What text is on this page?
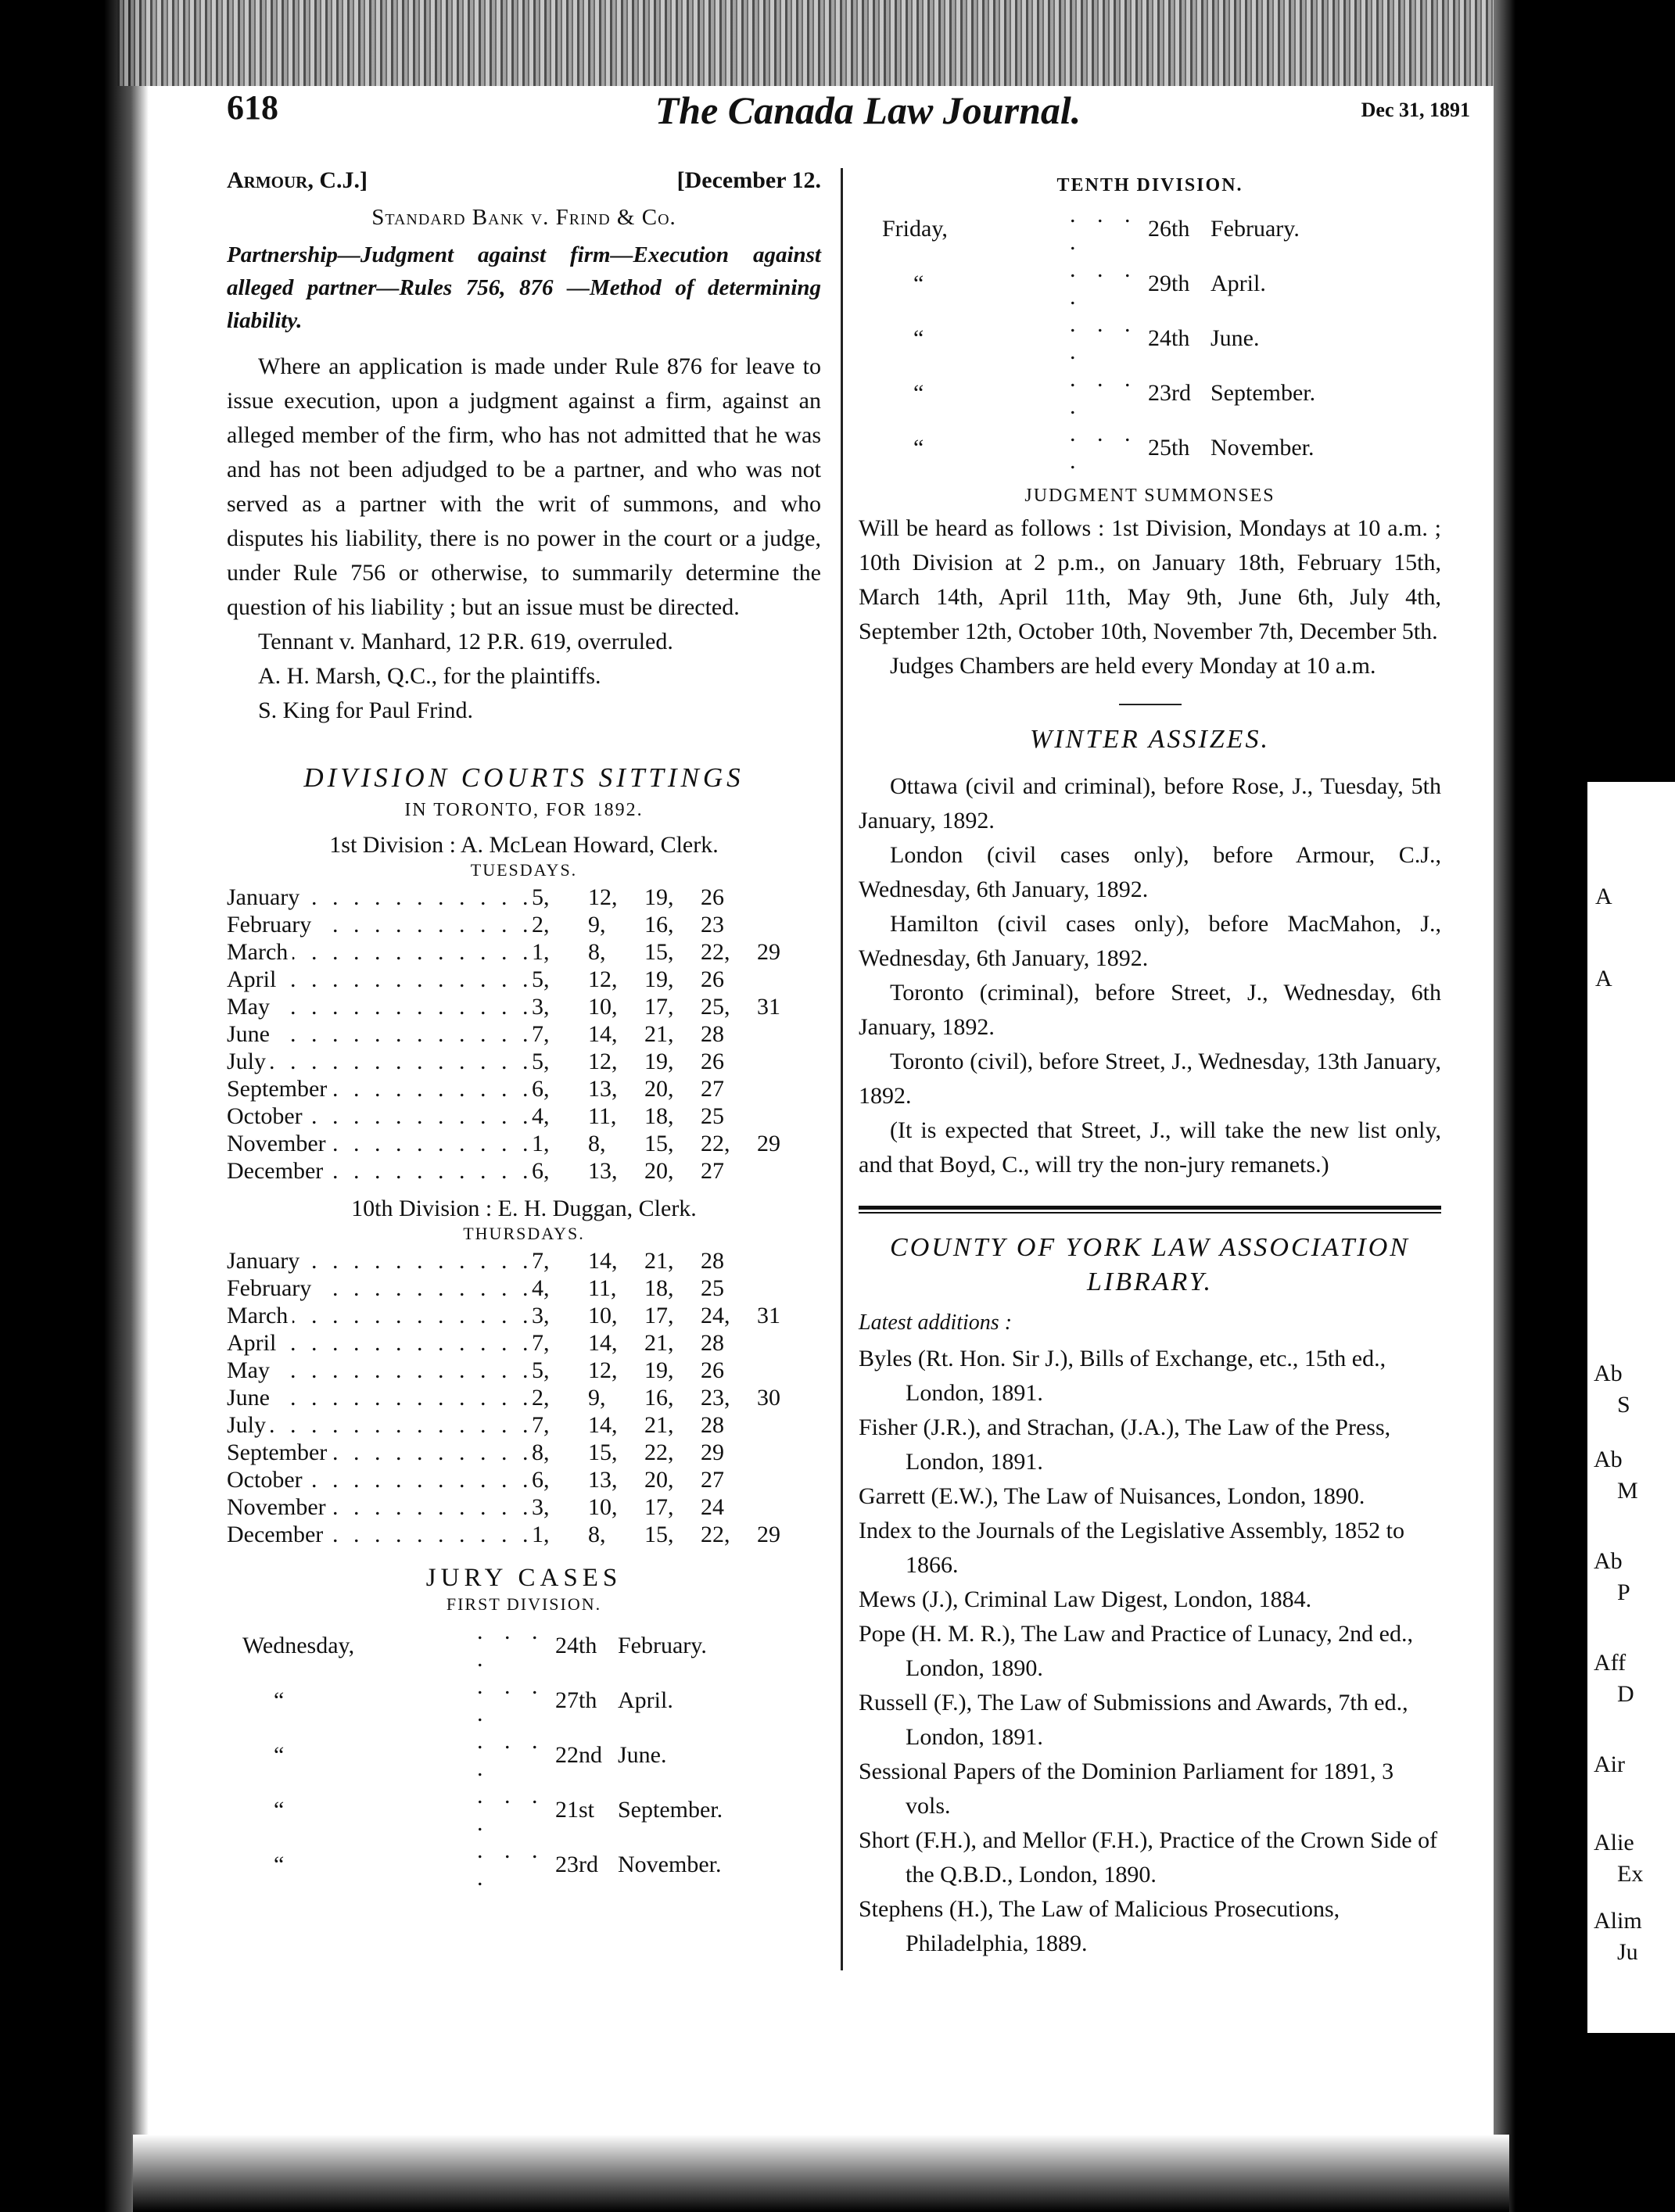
A
A
Ab
S
Ab
M
Ab
P
Aff
D
Air
Alie
Ex
Alim
Ju
618	The Canada Law Journal.	Dec 31, 1891
Armour, C.J.]	[December 12.

Standard Bank v. Frind & Co.

Partnership—Judgment against firm—Execution against alleged partner—Rules 756, 876 —Method of determining liability.

Where an application is made under Rule 876 for leave to issue execution, upon a judgment against a firm, against an alleged member of the firm, who has not admitted that he was and has not been adjudged to be a partner, and who was not served as a partner with the writ of summons, and who disputes his liability, there is no power in the court or a judge, under Rule 756 or otherwise, to summarily determine the question of his liability ; but an issue must be directed.

Tennant v. Manhard, 12 P.R. 619, overruled.

A. H. Marsh, Q.C., for the plaintiffs.

S. King for Paul Frind.

DIVISION COURTS SITTINGS

IN TORONTO, FOR 1892.

1st Division : A. McLean Howard, Clerk.

TUESDAYS.

January . . .	5,	12,	19,	26	
February . . .	2,	9,	16,	23	
March . . .	1,	8,	15,	22,	29
April . . .	5,	12,	19,	26	
May . . .	3,	10,	17,	25,	31
June . . .	7,	14,	21,	28	
July . . .	5,	12,	19,	26	
September . . .	6,	13,	20,	27	
October . . .	4,	11,	18,	25	
November . . .	1,	8,	15,	22,	29
December . . .	6,	13,	20,	27	

10th Division : E. H. Duggan, Clerk.

THURSDAYS.

January . . .	7,	14,	21,	28	
February . . .	4,	11,	18,	25	
March . . .	3,	10,	17,	24,	31
April . . .	7,	14,	21,	28	
May . . .	5,	12,	19,	26	
June . . .	2,	9,	16,	23,	30
July . . .	7,	14,	21,	28	
September . . .	8,	15,	22,	29	
October . . .	6,	13,	20,	27	
November . . .	3,	10,	17,	24	
December . . .	1,	8,	15,	22,	29

JURY CASES

FIRST DIVISION.

Wednesday,	. . . .	24th	February.
“	. . . .	27th	April.
“	. . . .	22nd	June.
“	. . . .	21st	September.
“	. . . .	23rd	November.

TENTH DIVISION.

Friday,	. . . .	26th	February.
“	. . . .	29th	April.
“	. . . .	24th	June.
“	. . . .	23rd	September.
“	. . . .	25th	November.

JUDGMENT SUMMONSES

Will be heard as follows : 1st Division, Mondays at 10 a.m. ; 10th Division at 2 p.m., on January 18th, February 15th, March 14th, April 11th, May 9th, June 6th, July 4th, September 12th, October 10th, November 7th, December 5th.

Judges Chambers are held every Monday at 10 a.m.

WINTER ASSIZES.

Ottawa (civil and criminal), before Rose, J., Tuesday, 5th January, 1892.

London (civil cases only), before Armour, C.J., Wednesday, 6th January, 1892.

Hamilton (civil cases only), before MacMahon, J., Wednesday, 6th January, 1892.

Toronto (criminal), before Street, J., Wednesday, 6th January, 1892.

Toronto (civil), before Street, J., Wednesday, 13th January, 1892.

(It is expected that Street, J., will take the new list only, and that Boyd, C., will try the non-jury remanets.)

COUNTY OF YORK LAW ASSOCIATION LIBRARY.

Latest additions :

Byles (Rt. Hon. Sir J.), Bills of Exchange, etc., 15th ed., London, 1891.

Fisher (J.R.), and Strachan, (J.A.), The Law of the Press, London, 1891.

Garrett (E.W.), The Law of Nuisances, London, 1890.

Index to the Journals of the Legislative Assembly, 1852 to 1866.

Mews (J.), Criminal Law Digest, London, 1884.

Pope (H. M. R.), The Law and Practice of Lunacy, 2nd ed., London, 1890.

Russell (F.), The Law of Submissions and Awards, 7th ed., London, 1891.

Sessional Papers of the Dominion Parliament for 1891, 3 vols.

Short (F.H.), and Mellor (F.H.), Practice of the Crown Side of the Q.B.D., London, 1890.

Stephens (H.), The Law of Malicious Prosecutions, Philadelphia, 1889.
